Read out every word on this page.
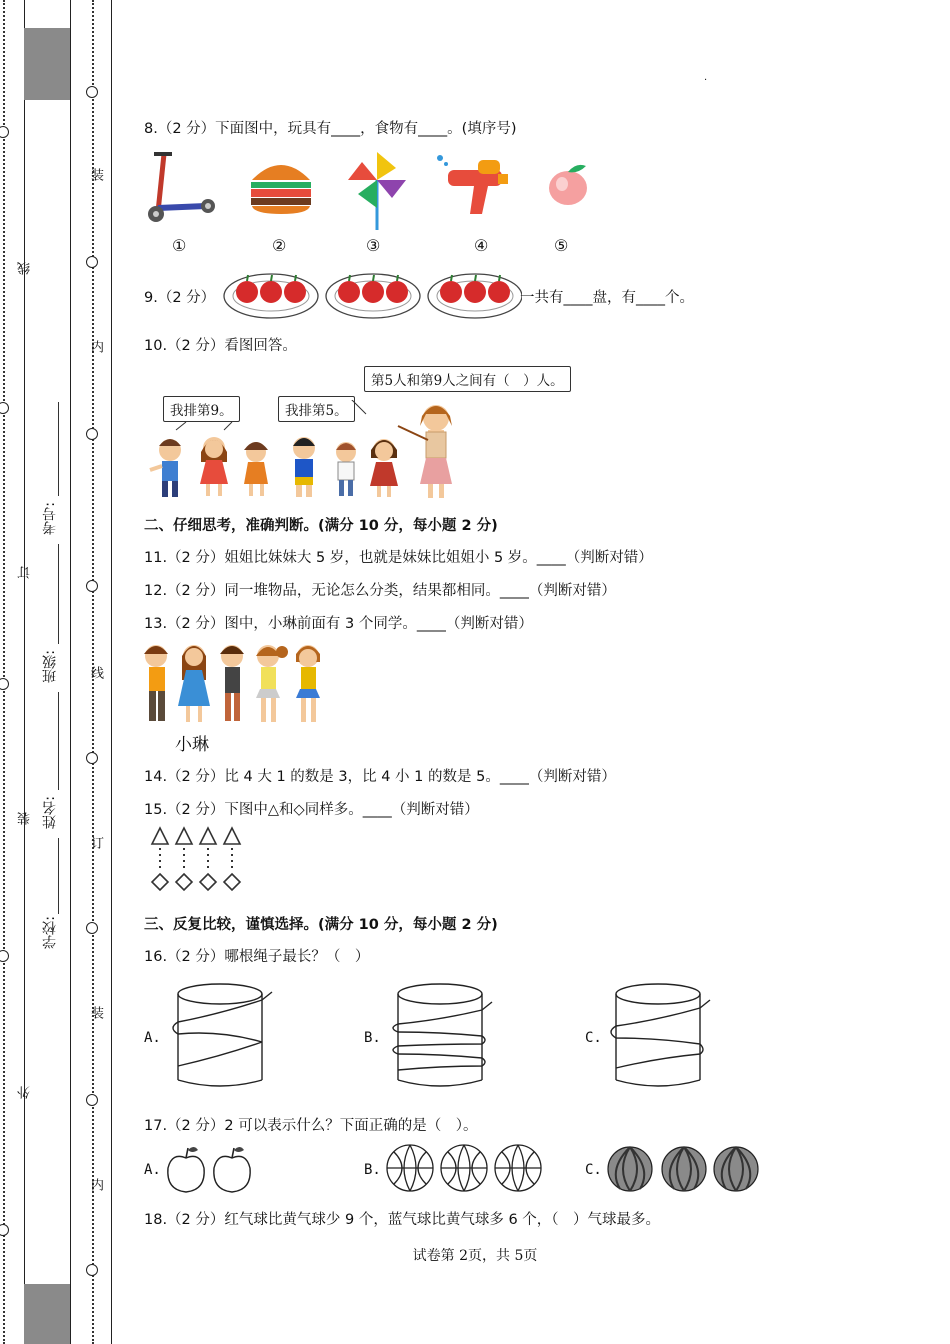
线
订
装
外
装
内
线
订
装
内
考号:
班级:
姓名:
学校:
.
8.（2 分）下面图中，玩具有____，食物有____。(填序号)
①	②	③	④	⑤
9.（2 分）	一共有____盘，有____个。
10.（2 分）看图回答。
第5人和第9人之间有（　）人。
我排第9。	我排第5。
二、仔细思考，准确判断。(满分 10 分，每小题 2 分)
11.（2 分）姐姐比妹妹大 5 岁，也就是妹妹比姐姐小 5 岁。____（判断对错）
12.（2 分）同一堆物品，无论怎么分类，结果都相同。____（判断对错）
13.（2 分）图中，小琳前面有 3 个同学。____（判断对错）
小琳
14.（2 分）比 4 大 1 的数是 3，比 4 小 1 的数是 5。____（判断对错）
15.（2 分）下图中△和◇同样多。____（判断对错）
三、反复比较，谨慎选择。(满分 10 分，每小题 2 分)
16.（2 分）哪根绳子最长？（　）
A.	B.	C.
17.（2 分）2 可以表示什么？下面正确的是（　）。
A.	B.	C.
18.（2 分）红气球比黄气球少 9 个，蓝气球比黄气球多 6 个，（　）气球最多。
试卷第 2页，共 5页
